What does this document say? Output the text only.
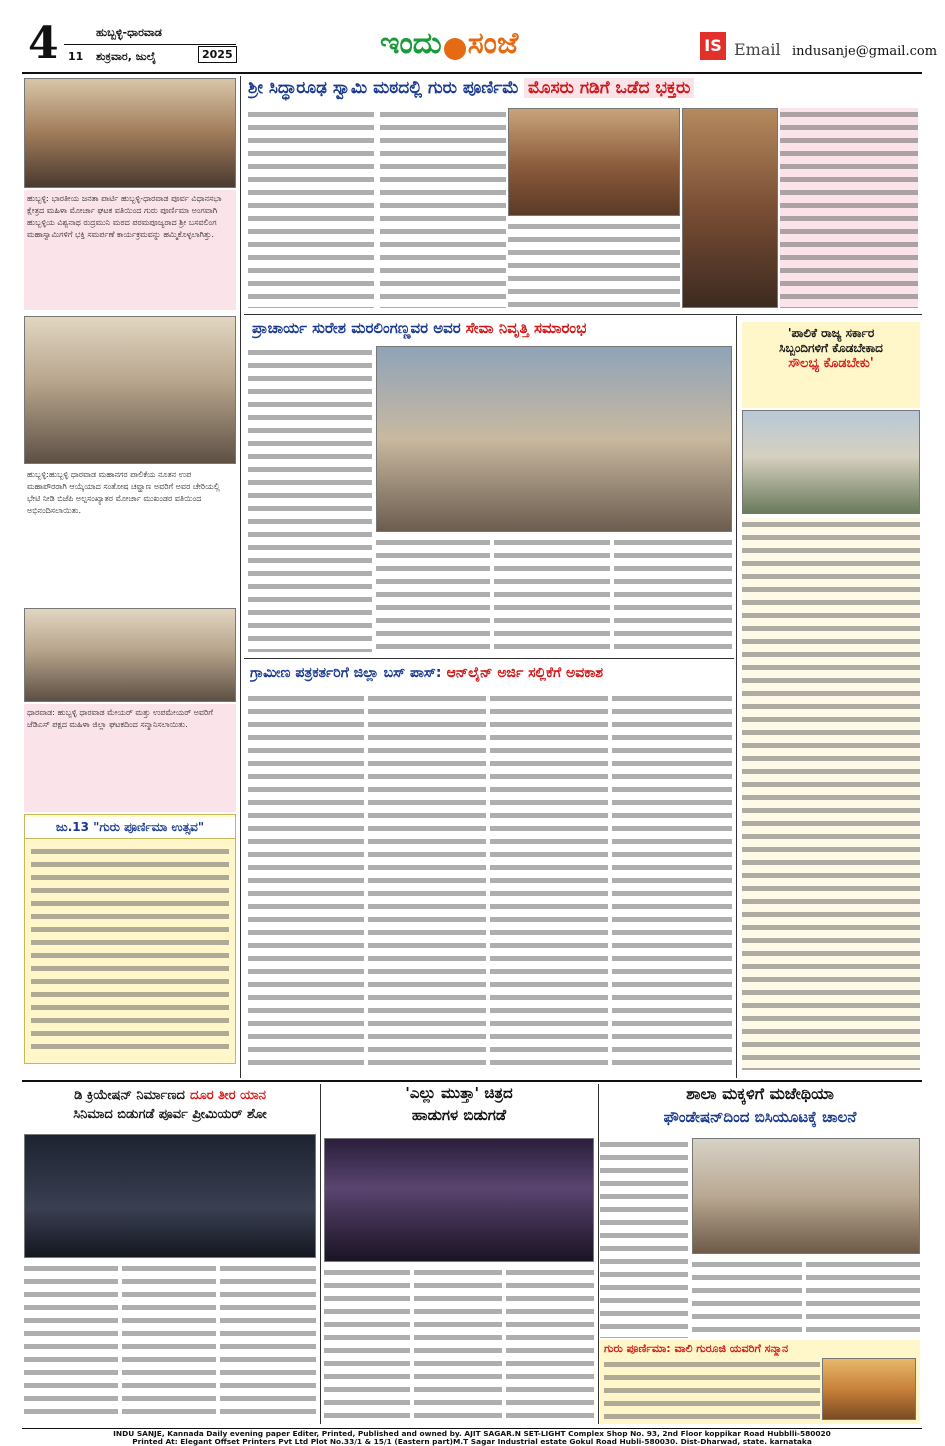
4 11
ಹುಬ್ಬಳ್ಳಿ-ಧಾರವಾಡ
ಶುಕ್ರವಾರ, ಜುಲೈ	2025	ಇಂದು ಸಂಜೆ	IS Email indusanje@gmail.com
ಹುಬ್ಬಳ್ಳಿ: ಭಾರತೀಯ ಜನತಾ ಪಾರ್ಟಿ ಹುಬ್ಬಳ್ಳಿ-ಧಾರವಾಡ ಪೂರ್ವ ವಿಧಾನಸಭಾ ಕ್ಷೇತ್ರದ ಮಹಿಳಾ ಮೋರ್ಚಾ ಘಟಕ ವತಿಯಿಂದ ಗುರು ಪೂರ್ಣಿಮಾ ಅಂಗವಾಗಿ ಹುಬ್ಬಳ್ಳಿಯ ವಿಶ್ವನಾಥ ರುದ್ರಮುನಿ ಮಠದ ಪರಮಪೂಜ್ಯರಾದ ಶ್ರೀ ಬಸವಲಿಂಗ ಮಹಾಸ್ವಾಮಿಗಳಿಗೆ ಭಕ್ತಿ ಸಮರ್ಪಣೆ ಕಾರ್ಯಕ್ರಮವನ್ನು ಹಮ್ಮಿಕೊಳ್ಳಲಾಗಿತ್ತು.
ಹುಬ್ಬಳ್ಳಿ:ಹುಬ್ಬಳ್ಳಿ ಧಾರವಾಡ ಮಹಾನಗರ ಪಾಲಿಕೆಯ ನೂತನ ಉಪ ಮಹಾಪೌರರಾಗಿ ಆಯ್ಕೆಯಾದ ಸಂತೋಷ ಚವ್ಹಾಣ ಅವರಿಗೆ ಅವರ ಚೇರಿಯಲ್ಲಿ ಭೇಟಿ ನೀಡಿ ಬಿಜೆಪಿ ಅಲ್ಪಸಂಖ್ಯಾತರ ಮೋರ್ಚಾ ಮುಖಂಡರ ವತಿಯಿಂದ ಅಭಿನಂದಿಸಲಾಯಿತು.
ಧಾರವಾಡ: ಹುಬ್ಬಳ್ಳಿ ಧಾರವಾಡ ಮೇಯರ್ ಮತ್ತು ಉಪಮೇಯರ್ ಅವರಿಗೆ ಜೆಡಿಎಸ್ ಪಕ್ಷದ ಮಹಿಳಾ ಜಿಲ್ಲಾ ಘಟಕದಿಂದ ಸನ್ಮಾನಿಸಲಾಯಿತು.
ಜು.13 "ಗುರು ಪೂರ್ಣಿಮಾ ಉತ್ಸವ"
ಶ್ರೀ ಸಿದ್ಧಾರೂಢ ಸ್ವಾಮಿ ಮಠದಲ್ಲಿ ಗುರು ಪೂರ್ಣಿಮೆ ಮೊಸರು ಗಡಿಗೆ ಒಡೆದ ಭಕ್ತರು
ಪ್ರಾಚಾರ್ಯ ಸುರೇಶ ಮರಲಿಂಗಣ್ಣವರ ಅವರ ಸೇವಾ ನಿವೃತ್ತಿ ಸಮಾರಂಭ	'ಪಾಲಿಕೆ ರಾಜ್ಯ ಸರ್ಕಾರ
ಸಿಬ್ಬಂದಿಗಳಿಗೆ ಕೊಡಬೇಕಾದ
ಸೌಲಭ್ಯ ಕೊಡಬೇಕು'
ಗ್ರಾಮೀಣ ಪತ್ರಕರ್ತರಿಗೆ ಜಿಲ್ಲಾ ಬಸ್ ಪಾಸ್: ಆನ್‌ಲೈನ್ ಅರ್ಜಿ ಸಲ್ಲಿಕೆಗೆ ಅವಕಾಶ
ಡಿ ಕ್ರಿಯೇಷನ್ ನಿರ್ಮಾಣದ ದೂರ ತೀರ ಯಾನ
ಸಿನಿಮಾದ ಬಿಡುಗಡೆ ಪೂರ್ವ ಪ್ರೀಮಿಯರ್ ಶೋ
'ಎಲ್ಲು ಮುತ್ತಾ' ಚಿತ್ರದ
ಹಾಡುಗಳ ಬಿಡುಗಡೆ
ಶಾಲಾ ಮಕ್ಕಳಿಗೆ ಮಜೇಥಿಯಾ
ಫೌಂಡೇಷನ್‌ದಿಂದ ಬಿಸಿಯೂಟಕ್ಕೆ ಚಾಲನೆ
ಗುರು ಪೂರ್ಣಿಮಾ: ವಾಲಿ ಗುರೂಜಿ ಯವರಿಗೆ ಸನ್ಮಾನ
INDU SANJE, Kannada Daily evening paper Editer, Printed, Published and owned by. AJIT SAGAR.N SET-LIGHT Complex Shop No. 93, 2nd Floor koppikar Road Hubblli-580020
Printed At: Elegant Offset Printers Pvt Ltd Plot No.33/1 & 15/1 (Eastern part)M.T Sagar Industrial estate Gokul Road Hubli-580030. Dist-Dharwad, state. karnataka
